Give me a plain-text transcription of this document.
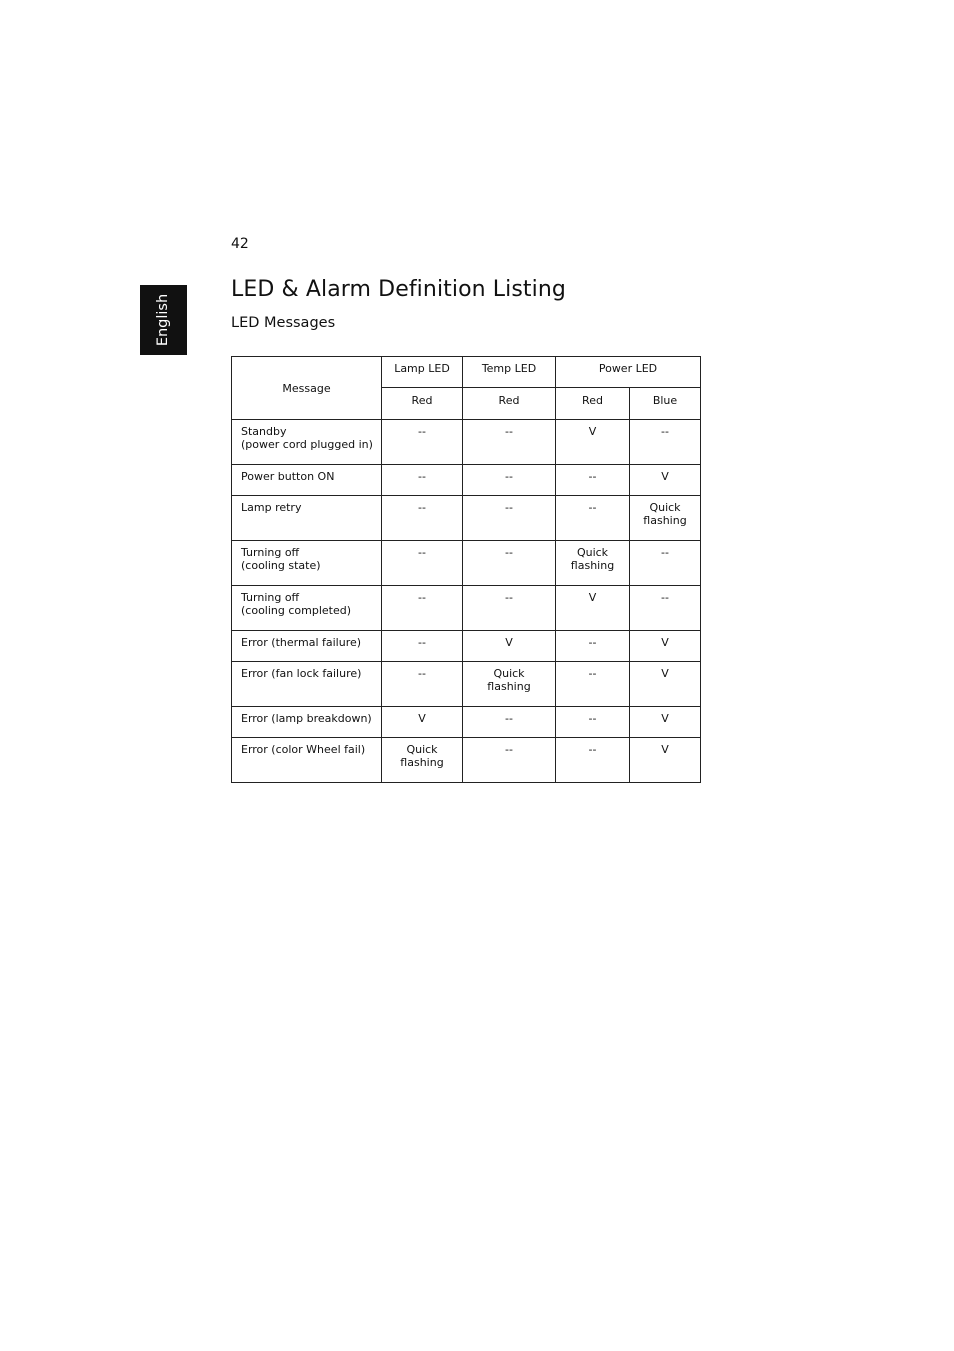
42
English
LED & Alarm Definition Listing
LED Messages
Message	Lamp LED	Temp LED	Power LED	
	Red	Red	Red	Blue
Standby
(power cord plugged in)	--	--	V	--
Power button ON	--	--	--	V
Lamp retry	--	--	--	Quick
flashing
Turning off
(cooling state)	--	--	Quick
flashing	--
Turning off
(cooling completed)	--	--	V	--
Error (thermal failure)	--	V	--	V
Error (fan lock failure)	--	Quick
flashing	--	V
Error (lamp breakdown)	V	--	--	V
Error (color Wheel fail)	Quick
flashing	--	--	V
